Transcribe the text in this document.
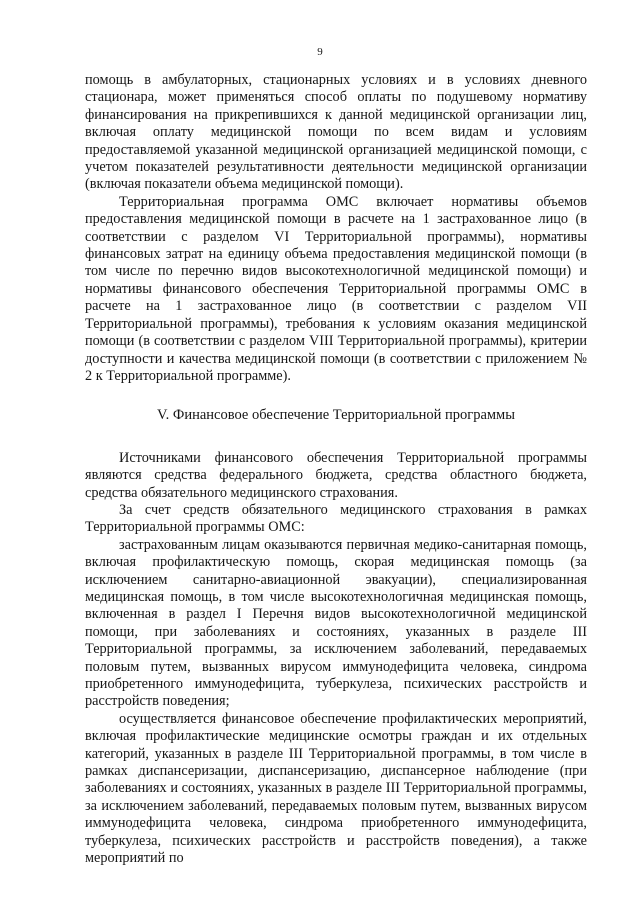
9

помощь в амбулаторных, стационарных условиях и в условиях дневного стационара, может применяться способ оплаты по подушевому нормативу финансирования на прикрепившихся к данной медицинской организации лиц, включая оплату медицинской помощи по всем видам и условиям предоставляемой указанной медицинской организацией медицинской помощи, с учетом показателей результативности деятельности медицинской организации (включая показатели объема медицинской помощи).

Территориальная программа ОМС включает нормативы объемов предоставления медицинской помощи в расчете на 1 застрахованное лицо (в соответствии с разделом VI Территориальной программы), нормативы финансовых затрат на единицу объема предоставления медицинской помощи (в том числе по перечню видов высокотехнологичной медицинской помощи) и нормативы финансового обеспечения Территориальной программы ОМС в расчете на 1 застрахованное лицо (в соответствии с разделом VII Территориальной программы), требования к условиям оказания медицинской помощи (в соответствии с разделом VIII Территориальной программы), критерии доступности и качества медицинской помощи (в соответствии с приложением № 2 к Территориальной программе).

V. Финансовое обеспечение Территориальной программы

Источниками финансового обеспечения Территориальной программы являются средства федерального бюджета, средства областного бюджета, средства обязательного медицинского страхования.

За счет средств обязательного медицинского страхования в рамках Территориальной программы ОМС:

застрахованным лицам оказываются первичная медико-санитарная помощь, включая профилактическую помощь, скорая медицинская помощь (за исключением санитарно-авиационной эвакуации), специализированная медицинская помощь, в том числе высокотехнологичная медицинская помощь, включенная в раздел I Перечня видов высокотехнологичной медицинской помощи, при заболеваниях и состояниях, указанных в разделе III Территориальной программы, за исключением заболеваний, передаваемых половым путем, вызванных вирусом иммунодефицита человека, синдрома приобретенного иммунодефицита, туберкулеза, психических расстройств и расстройств поведения;

осуществляется финансовое обеспечение профилактических мероприятий, включая профилактические медицинские осмотры граждан и их отдельных категорий, указанных в разделе III Территориальной программы, в том числе в рамках диспансеризации, диспансеризацию, диспансерное наблюдение (при заболеваниях и состояниях, указанных в разделе III Территориальной программы, за исключением заболеваний, передаваемых половым путем, вызванных вирусом иммунодефицита человека, синдрома приобретенного иммунодефицита, туберкулеза, психических расстройств и расстройств поведения), а также мероприятий по
